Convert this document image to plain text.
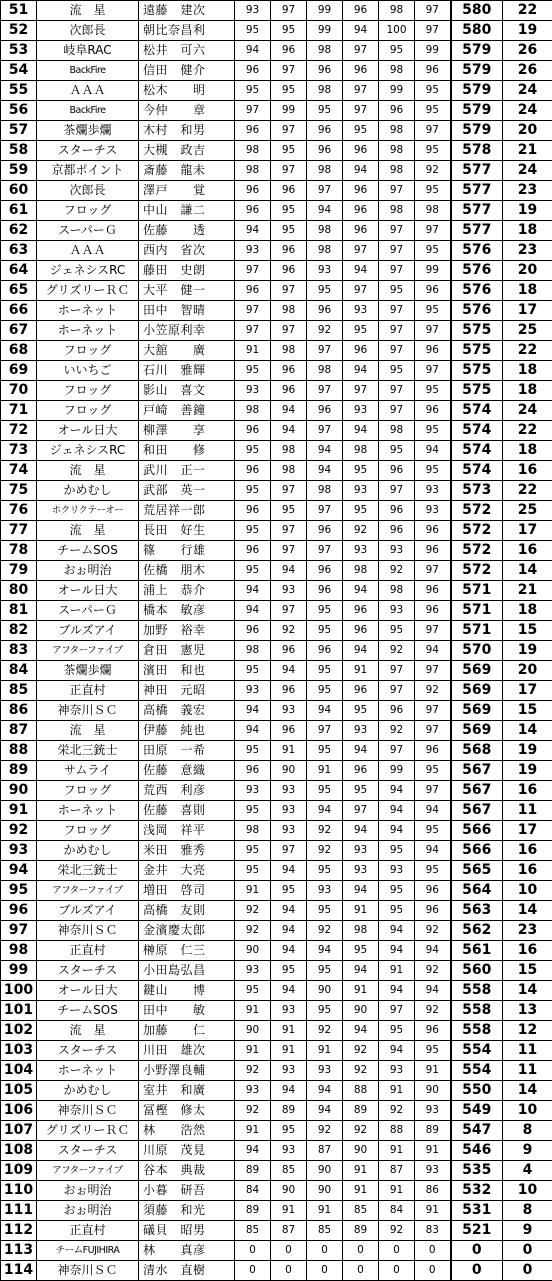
51	流　星	遠藤　建次	93	97	99	96	98	97	580	22
52	次郎長	朝比奈昌利	95	95	99	94	100	97	580	19
53	岐阜RAC	松井　可六	94	96	98	97	95	99	579	26
54	BackFire	信田　健介	96	97	96	96	98	96	579	26
55	ＡＡＡ	松木　　明	95	95	98	97	99	95	579	24
56	BackFire	今仲　　章	97	99	95	97	96	95	579	24
57	茶爛歩爛	木村　和男	96	97	96	95	98	97	579	20
58	スターチス	大槻　政吉	98	95	96	96	98	95	578	21
59	京都ポイント	斎藤　龍未	98	97	98	94	98	92	577	24
60	次郎長	澤戸　　覚	96	96	97	96	97	95	577	23
61	フロッグ	中山　謙二	96	95	94	96	98	98	577	19
62	スーパーＧ	佐藤　　透	94	95	98	96	97	97	577	18
63	ＡＡＡ	西内　省次	93	96	98	97	97	95	576	23
64	ジェネシスRC	藤田　史朗	97	96	93	94	97	99	576	20
65	グリズリーＲＣ	大平　健一	96	97	95	97	95	96	576	18
66	ホーネット	田中　智晴	97	98	96	93	97	95	576	17
67	ホーネット	小笠原利幸	97	97	92	95	97	97	575	25
68	フロッグ	大舘　　廣	91	98	97	96	97	96	575	22
69	いいちご	石川　雅輝	95	96	98	94	95	97	575	18
70	フロッグ	影山　喜文	93	96	97	97	97	95	575	18
71	フロッグ	戸崎　善鐘	98	94	96	93	97	96	574	24
72	オール日大	柳澤　　享	96	94	97	94	98	95	574	22
73	ジェネシスRC	和田　　修	95	98	94	98	95	94	574	18
74	流　星	武川　正一	96	98	94	95	96	95	574	16
75	かめむし	武部　英一	95	97	98	93	97	93	573	22
76	ホクリクテーオー	荒居祥一郎	96	95	97	95	96	93	572	25
77	流　星	長田　好生	95	97	96	92	96	96	572	17
78	チームSOS	篠　　行雄	96	97	97	93	93	96	572	16
79	おぉ明治	佐橋　朋木	95	94	96	98	92	97	572	14
80	オール日大	浦上　恭介	94	93	96	94	98	96	571	21
81	スーパーＧ	橋本　敏彦	94	97	95	96	93	96	571	18
82	ブルズアイ	加野　裕幸	96	92	95	96	95	97	571	15
83	アフターファイブ	倉田　憲児	98	96	96	94	92	94	570	19
84	茶爛歩爛	濱田　和也	95	94	95	91	97	97	569	20
85	正直村	神田　元昭	93	96	95	96	97	92	569	17
86	神奈川ＳＣ	高橋　義宏	94	93	94	95	96	97	569	15
87	流　星	伊藤　純也	94	96	97	93	92	97	569	14
88	栄北三銃士	田原　一希	95	91	95	94	97	96	568	19
89	サムライ	佐藤　意織	96	90	91	96	99	95	567	19
90	フロッグ	荒西　利彦	93	93	95	95	94	97	567	16
91	ホーネット	佐藤　喜則	95	93	94	97	94	94	567	11
92	フロッグ	浅岡　祥平	98	93	92	94	94	95	566	17
93	かめむし	米田　雅秀	95	97	92	93	95	94	566	16
94	栄北三銃士	金井　大亮	95	94	95	93	93	95	565	16
95	アフターファイブ	増田　啓司	91	95	93	94	95	96	564	10
96	ブルズアイ	高橋　友則	92	94	95	91	95	96	563	14
97	神奈川ＳＣ	金濱慶太郎	92	94	92	98	94	92	562	23
98	正直村	榊原　仁三	90	94	94	95	94	94	561	16
99	スターチス	小田島弘昌	93	95	95	94	91	92	560	15
100	オール日大	鍵山　　博	95	94	90	91	94	94	558	14
101	チームSOS	田中　　敏	91	93	95	90	97	92	558	13
102	流　星	加藤　　仁	90	91	92	94	95	96	558	12
103	スターチス	川田　雄次	91	91	91	92	94	95	554	11
104	ホーネット	小野澤良輔	92	93	93	92	93	91	554	11
105	かめむし	室井　和廣	93	94	94	88	91	90	550	14
106	神奈川ＳＣ	冨樫　修太	92	89	94	89	92	93	549	10
107	グリズリーＲＣ	林　　浩然	91	95	92	92	88	89	547	8
108	スターチス	川原　茂見	94	93	87	90	91	91	546	9
109	アフターファイブ	谷本　典裁	89	85	90	91	87	93	535	4
110	おぉ明治	小暮　研吾	84	90	90	91	91	86	532	10
111	おぉ明治	須藤　和光	89	91	91	85	84	91	531	8
112	正直村	礒貝　昭男	85	87	85	89	92	83	521	9
113	チームFUJIHIRA	林　　真彦	0	0	0	0	0	0	0	0
114	神奈川ＳＣ	清水　直樹	0	0	0	0	0	0	0	0
